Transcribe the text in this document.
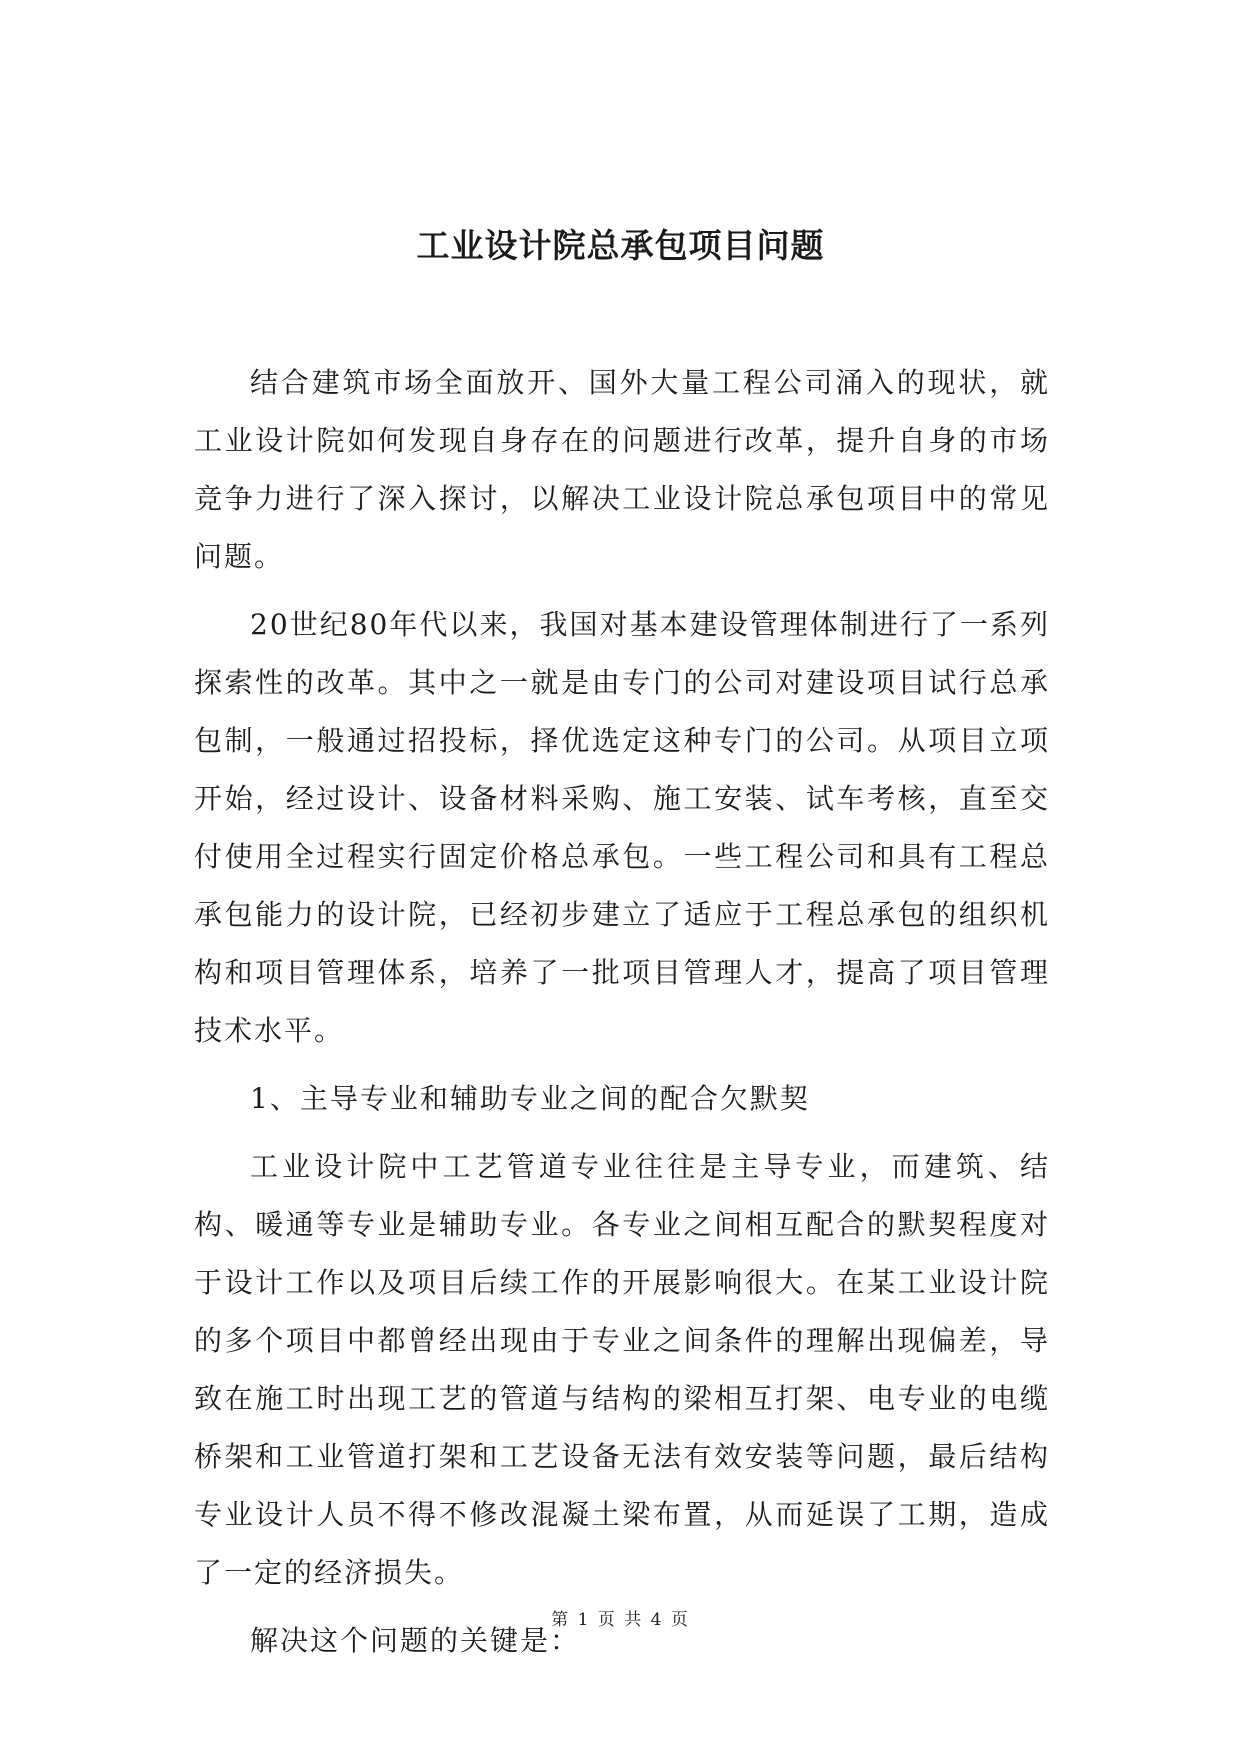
工业设计院总承包项目问题

结合建筑市场全面放开、国外大量工程公司涌入的现状，就工业设计院如何发现自身存在的问题进行改革，提升自身的市场竞争力进行了深入探讨，以解决工业设计院总承包项目中的常见问题。

20世纪80年代以来，我国对基本建设管理体制进行了一系列探索性的改革。其中之一就是由专门的公司对建设项目试行总承包制，一般通过招投标，择优选定这种专门的公司。从项目立项开始，经过设计、设备材料采购、施工安装、试车考核，直至交付使用全过程实行固定价格总承包。一些工程公司和具有工程总承包能力的设计院，已经初步建立了适应于工程总承包的组织机构和项目管理体系，培养了一批项目管理人才，提高了项目管理技术水平。

1、主导专业和辅助专业之间的配合欠默契

工业设计院中工艺管道专业往往是主导专业，而建筑、结构、暖通等专业是辅助专业。各专业之间相互配合的默契程度对于设计工作以及项目后续工作的开展影响很大。在某工业设计院的多个项目中都曾经出现由于专业之间条件的理解出现偏差，导致在施工时出现工艺的管道与结构的梁相互打架、电专业的电缆桥架和工业管道打架和工艺设备无法有效安装等问题，最后结构专业设计人员不得不修改混凝土梁布置，从而延误了工期，造成了一定的经济损失。

解决这个问题的关键是：

第 1 页 共 4 页
